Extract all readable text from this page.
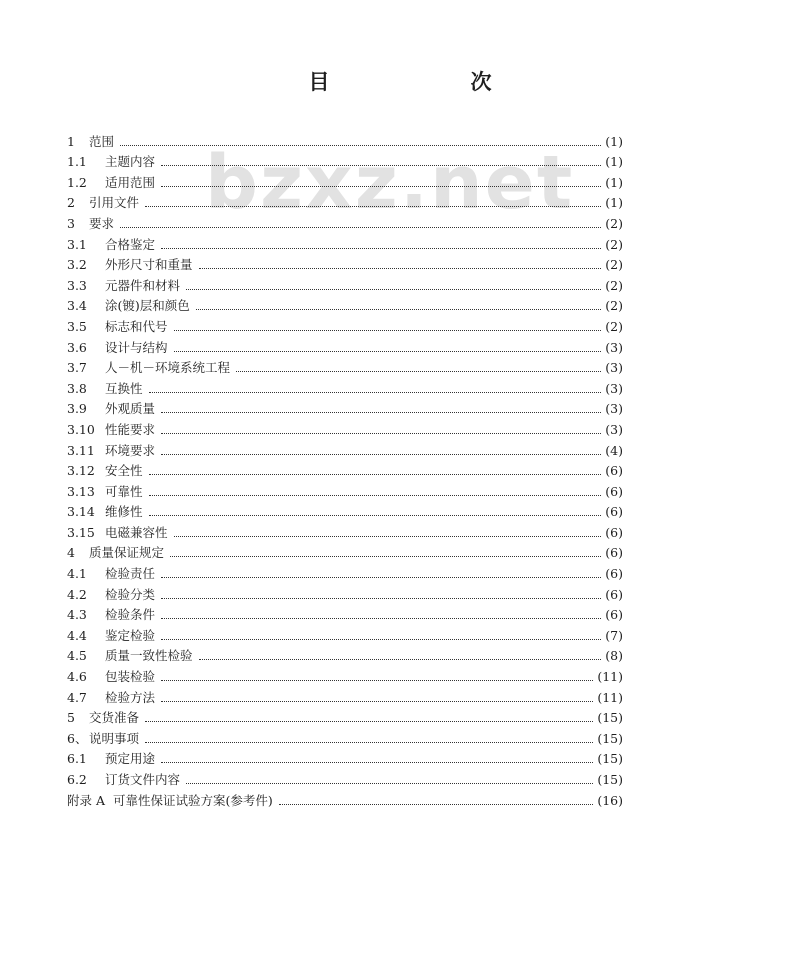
目　次
bzxz.net
1	范围	(1)
1.1	主题内容	(1)
1.2	适用范围	(1)
2	引用文件	(1)
3	要求	(2)
3.1	合格鉴定	(2)
3.2	外形尺寸和重量	(2)
3.3	元器件和材料	(2)
3.4	涂(镀)层和颜色	(2)
3.5	标志和代号	(2)
3.6	设计与结构	(3)
3.7	人－机－环境系统工程	(3)
3.8	互换性	(3)
3.9	外观质量	(3)
3.10 性能要求	(3)
3.11 环境要求	(4)
3.12 安全性	(6)
3.13 可靠性	(6)
3.14 维修性	(6)
3.15 电磁兼容性	(6)
4	质量保证规定	(6)
4.1	检验责任	(6)
4.2	检验分类	(6)
4.3	检验条件	(6)
4.4	鉴定检验	(7)
4.5	质量一致性检验	(8)
4.6	包装检验	(11)
4.7	检验方法	(11)
5	交货准备	(15)
6、 说明事项	(15)
6.1	预定用途	(15)
6.2	订货文件内容	(15)
附录 A 可靠性保证试验方案(参考件)	(16)
